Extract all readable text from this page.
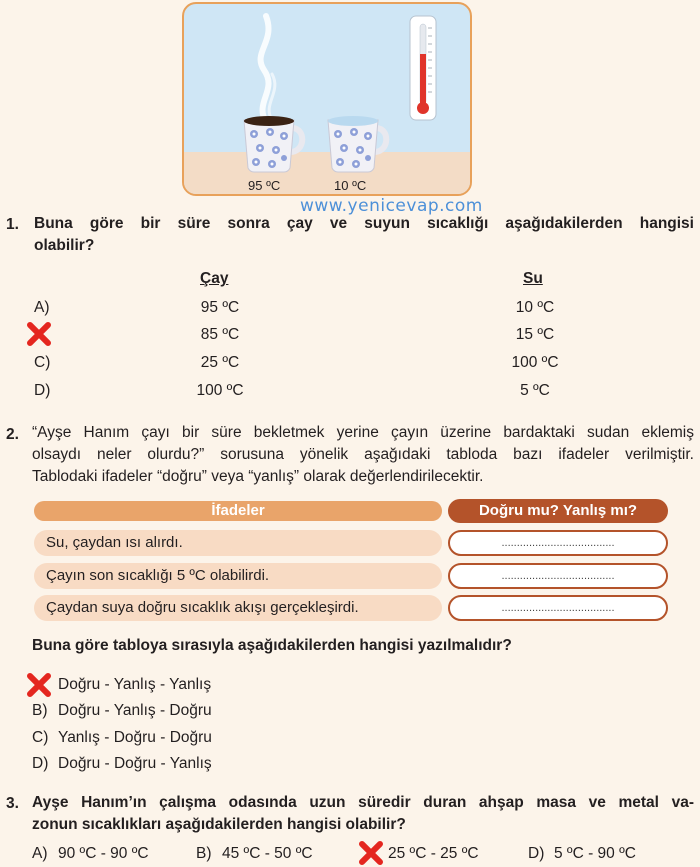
95 ºC	10 ºC
www.yenicevap.com
1. Buna göre bir süre sonra çay ve suyun sıcaklığı aşağıdakilerden hangisi
olabilir?
Çay	Su
A)	95 ºC	10 ºC
85 ºC	15 ºC
C)	25 ºC	100 ºC
D)	100 ºC	5 ºC
2. “Ayşe Hanım çayı bir süre bekletmek yerine çayın üzerine bardaktaki sudan eklemiş
olsaydı neler olurdu?” sorusuna yönelik aşağıdaki tabloda bazı ifadeler verilmiştir.
Tablodaki ifadeler “doğru” veya “yanlış” olarak değerlendirilecektir.
İfadeler	Doğru mu? Yanlış mı?
Su, çaydan ısı alırdı.	.....................................
Çayın son sıcaklığı 5 ºC olabilirdi.	.....................................
Çaydan suya doğru sıcaklık akışı gerçekleşirdi.	.....................................
Buna göre tabloya sırasıyla aşağıdakilerden hangisi yazılmalıdır?
Doğru - Yanlış - Yanlış
B) Doğru - Yanlış - Doğru
C) Yanlış - Doğru - Doğru
D) Doğru - Doğru - Yanlış
3. Ayşe Hanım’ın çalışma odasında uzun süredir duran ahşap masa ve metal va-
zonun sıcaklıkları aşağıdakilerden hangisi olabilir?
A) 90 ºC - 90 ºC	B) 45 ºC - 50 ºC	25 ºC - 25 ºC	D) 5 ºC - 90 ºC
